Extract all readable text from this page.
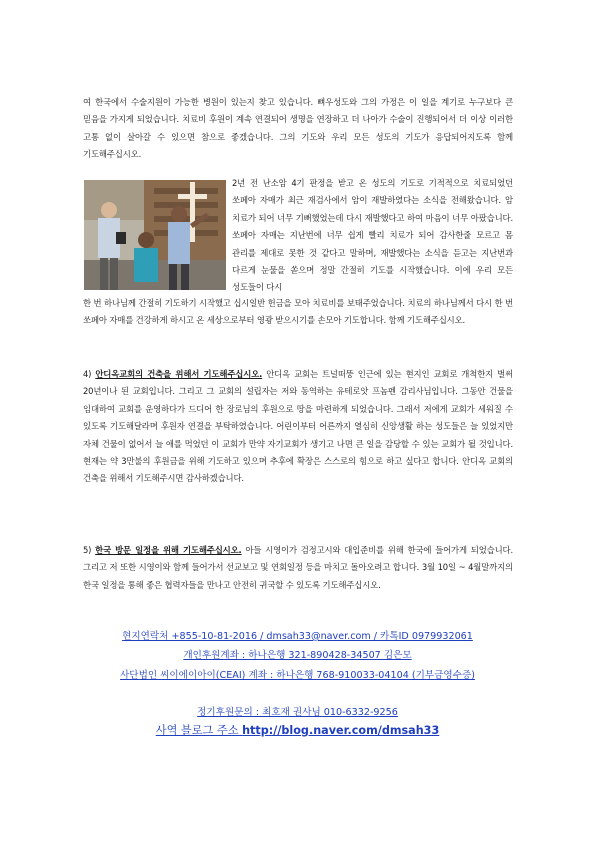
여 한국에서 수술지원이 가능한 병원이 있는지 찾고 있습니다. 뼈우성도와 그의 가정은 이 일을 계기로 누구보다 큰 믿음을 가지게 되었습니다. 치료비 후원이 계속 연결되어 생명을 연장하고 더 나아가 수술이 진행되어서 더 이상 이러한 고통 없이 살아갈 수 있으면 참으로 좋겠습니다. 그의 기도와 우리 모든 성도의 기도가 응답되어지도록 함께 기도해주십시오.

2년 전 난소암 4기 판정을 받고 온 성도의 기도로 기적적으로 치료되었던 쏘페아 자매가 최근 재검사에서 암이 재발하였다는 소식을 전해왔습니다. 암 치료가 되어 너무 기뻐했었는데 다시 재발했다고 하여 마음이 너무 아팠습니다. 쏘페아 자매는 지난번에 너무 쉽게 빨리 치료가 되어 감사한줄 모르고 몸 관리를 제대로 못한 것 같다고 말하며, 재발했다는 소식을 듣고는 지난번과 다르게 눈물을 쏟으며 정말 간절히 기도를 시작했습니다. 이에 우리 모든 성도들이 다시

한 번 하나님께 간절히 기도하기 시작했고 십시일반 헌금을 모아 치료비를 보태주었습니다. 치료의 하나님께서 다시 한 번 쏘페아 자매를 건강하게 하시고 온 세상으로부터 영광 받으시기를 손모아 기도합니다. 함께 기도해주십시오.

4) 안디옥교회의 건축을 위해서 기도해주십시오. 안디옥 교회는 트널떠뚱 인근에 있는 현지인 교회로 개척한지 벌써 20년이나 된 교회입니다. 그리고 그 교회의 설립자는 저와 동역하는 유테로앗 프놈펜 감리사님입니다. 그동안 건물을 임대하여 교회를 운영하다가 드디어 한 장로님의 후원으로 땅을 마련하게 되었습니다. 그래서 저에게 교회가 세워질 수 있도록 기도해달라며 후원자 연결을 부탁하였습니다. 어린이부터 어른까지 열심히 신앙생활 하는 성도들은 늘 있었지만 자체 건물이 없어서 늘 애를 먹었던 이 교회가 만약 자기교회가 생기고 나면 큰 일을 감당할 수 있는 교회가 될 것입니다. 현재는 약 3만불의 후원금을 위해 기도하고 있으며 추후에 확장은 스스로의 힘으로 하고 싶다고 합니다. 안디옥 교회의 건축을 위해서 기도해주시면 감사하겠습니다.

5) 한국 방문 일정을 위해 기도해주십시오. 아들 시영이가 검정고시와 대입준비를 위해 한국에 들어가게 되었습니다. 그리고 저 또한 시영이와 함께 들어가서 선교보고 및 연회일정 등을 마치고 돌아오려고 합니다. 3월 10일 ~ 4월말까지의 한국 일정을 통해 좋은 협력자들을 만나고 안전히 귀국할 수 있도록 기도해주십시오.

현지연락처 +855-10-81-2016 / dmsah33@naver.com / 카톡ID 0979932061
개인후원계좌 : 하나은행 321-890428-34507 김은모
사단법인 씨이에이아이(CEAI) 계좌 : 하나은행 768-910033-04104 (기부금영수증)
정기후원문의 : 최호재 권사님 010-6332-9256
사역 블로그 주소 http://blog.naver.com/dmsah33
